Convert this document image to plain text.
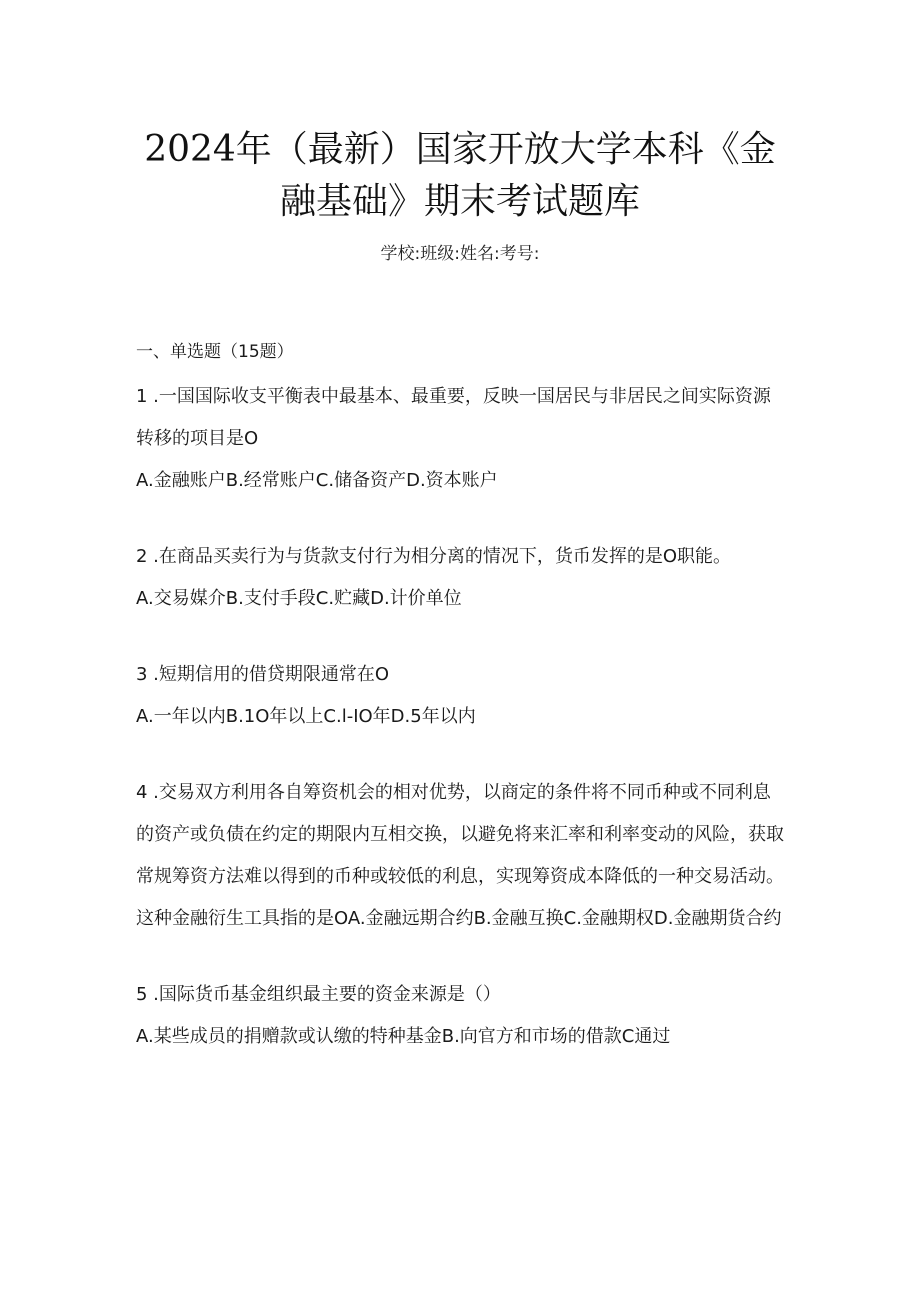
2024年（最新）国家开放大学本科《金融基础》期末考试题库
学校:班级:姓名:考号:
一、单选题（15题）

1 .一国国际收支平衡表中最基本、最重要，反映一国居民与非居民之间实际资源转移的项目是O

A.金融账户B.经常账户C.储备资产D.资本账户

2 .在商品买卖行为与货款支付行为相分离的情况下，货币发挥的是O职能。

A.交易媒介B.支付手段C.贮藏D.计价单位

3 .短期信用的借贷期限通常在O

A.一年以内B.1O年以上C.l-IO年D.5年以内

4 .交易双方利用各自筹资机会的相对优势，以商定的条件将不同币种或不同利息的资产或负债在约定的期限内互相交换，以避免将来汇率和利率变动的风险，获取常规筹资方法难以得到的币种或较低的利息，实现筹资成本降低的一种交易活动。这种金融衍生工具指的是OA.金融远期合约B.金融互换C.金融期权D.金融期货合约

5 .国际货币基金组织最主要的资金来源是（）

A.某些成员的捐赠款或认缴的特种基金B.向官方和市场的借款C通过
